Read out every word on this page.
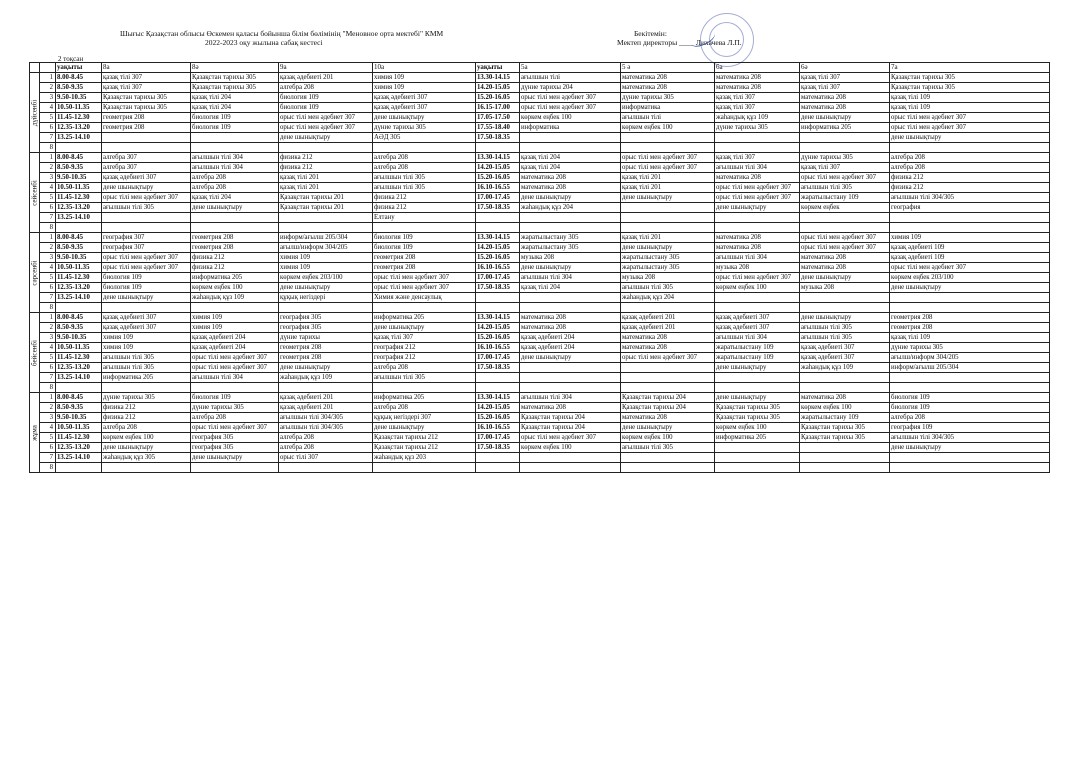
Шығыс Қазақстан облысы Өскемен қаласы бойынша білім бөлімінің "Меновное орта мектебі" КММ
2022-2023 оқу жылына сабақ кестесі
Бекітемін:
Мектеп директоры ____ Лихачева Л.П.
2 тоқсан
		уақыты	8а	8ә	9а	10а	уақыты	5а	5 ә	6а	6ә	7а

дүйсенбі	1	8.00-8.45	қазақ тілі 307	Қазақстан тарихы 305	қазақ әдебиеті 201	химия 109	13.30-14.15	ағылшын тілі	математика 208	математика 208	қазақ тілі 307	Қазақстан тарихы 305
	2	8.50-9.35	қазақ тілі 307	Қазақстан тарихы 305	алгебра 208	химия 109	14.20-15.05	дүние тарихы 204	математика 208	математика 208	қазақ тілі 307	Қазақстан тарихы 305
	3	9.50-10.35	Қазақстан тарихы 305	қазақ тілі 204	биология 109	қазақ әдебиеті 307	15.20-16.05	орыс тілі мен әдебиет 307	дүние тарихы 305	қазақ тілі 307	математика 208	қазақ тілі 109
	4	10.50-11.35	Қазақстан тарихы 305	қазақ тілі 204	биология 109	қазақ әдебиеті 307	16.15-17.00	орыс тілі мен әдебиет 307	информатика	қазақ тілі 307	математика 208	қазақ тілі 109
	5	11.45-12.30	геометрия 208	биология 109	орыс тілі мен әдебиет 307	дене шынықтыру	17.05-17.50	көркем еңбек 100	ағылшын тілі	жаһандық құз 109	дене шынықтыру	орыс тілі мен әдебиет 307
	6	12.35-13.20	геометрия 208	биология 109	орыс тілі мен әдебиет 307	дүние тарихы 305	17.55-18.40	информатика	көркем еңбек 100	дүние тарихы 305	информатика 205	орыс тілі мен әдебиет 307
	7	13.25-14.10			дене шынықтыру	АӘД 305	17.50-18.35					дене шынықтыру
	8											

сейсенбі	1	8.00-8.45	алгебра 307	ағылшын тілі 304	физика 212	алгебра 208	13.30-14.15	қазақ тілі 204	орыс тілі мен әдебиет 307	қазақ тілі 307	дүние тарихы 305	алгебра 208
	2	8.50-9.35	алгебра 307	ағылшын тілі 304	физика 212	алгебра 208	14.20-15.05	қазақ тілі 204	орыс тілі мен әдебиет 307	ағылшын тілі 304	қазақ тілі 307	алгебра 208
	3	9.50-10.35	қазақ әдебиеті 307	алгебра 208	қазақ тілі 201	ағылшын тілі 305	15.20-16.05	математика 208	қазақ тілі 201	математика 208	орыс тілі мен әдебиет 307	физика 212
	4	10.50-11.35	дене шынықтыру	алгебра 208	қазақ тілі 201	ағылшын тілі 305	16.10-16.55	математика 208	қазақ тілі 201	орыс тілі мен әдебиет 307	ағылшын тілі 305	физика 212
	5	11.45-12.30	орыс тілі мен әдебиет 307	қазақ тілі 204	Қазақстан тарихы 201	физика 212	17.00-17.45	дене шынықтыру	дене шынықтыру	орыс тілі мен әдебиет 307	жаратылыстану 109	ағылшын тілі 304/305
	6	12.35-13.20	ағылшын тілі 305	дене шынықтыру	Қазақстан тарихы 201	физика 212	17.50-18.35	жаһандық құз 204		дене шынықтыру	көркем еңбек	география
	7	13.25-14.10				Елтану						
	8											

сәрсенбі	1	8.00-8.45	география 307	геометрия 208	информ/ағылш 205/304	биология 109	13.30-14.15	жаратылыстану 305	қазақ тілі 201	математика 208	орыс тілі мен әдебиет 307	химия 109
	2	8.50-9.35	география 307	геометрия 208	ағылш/информ 304/205	биология 109	14.20-15.05	жаратылыстану 305	дене шынықтыру	математика 208	орыс тілі мен әдебиет 307	қазақ әдебиеті 109
	3	9.50-10.35	орыс тілі мен әдебиет 307	физика 212	химия 109	геометрия 208	15.20-16.05	музыка 208	жаратылыстану 305	ағылшын тілі 304	математика 208	қазақ әдебиеті 109
	4	10.50-11.35	орыс тілі мен әдебиет 307	физика 212	химия 109	геометрия 208	16.10-16.55	дене шынықтыру	жаратылыстану 305	музыка 208	математика 208	орыс тілі мен әдебиет 307
	5	11.45-12.30	биология 109	информатика 205	көркем еңбек 203/100	орыс тілі мен әдебиет 307	17.00-17.45	ағылшын тілі 304	музыка 208	орыс тілі мен әдебиет 307	дене шынықтыру	көркем еңбек 203/100
	6	12.35-13.20	биология 109	көркем еңбек 100	дене шынықтыру	орыс тілі мен әдебиет 307	17.50-18.35	қазақ тілі 204	ағылшын тілі 305	көркем еңбек 100	музыка 208	дене шынықтыру
	7	13.25-14.10	дене шынықтыру	жаһандық құз 109	құқық негіздері	Химия және денсаулық			жаһандық құз 204			
	8											

бейсенбі	1	8.00-8.45	қазақ әдебиеті 307	химия 109	география 305	информатика 205	13.30-14.15	математика 208	қазақ әдебиеті 201	қазақ әдебиеті 307	дене шынықтыру	геометрия 208
	2	8.50-9.35	қазақ әдебиеті 307	химия 109	география 305	дене шынықтыру	14.20-15.05	математика 208	қазақ әдебиеті 201	қазақ әдебиеті 307	ағылшын тілі 305	геометрия 208
	3	9.50-10.35	химия 109	қазақ әдебиеті 204	дүние тарихы	қазақ тілі 307	15.20-16.05	қазақ әдебиеті 204	математика 208	ағылшын тілі 304	ағылшын тілі 305	қазақ тілі 109
	4	10.50-11.35	химия 109	қазақ әдебиеті 204	геометрия 208	география 212	16.10-16.55	қазақ әдебиеті 204	математика 208	жаратылыстану 109	қазақ әдебиеті 307	дүние тарихы 305
	5	11.45-12.30	ағылшын тілі 305	орыс тілі мен әдебиет 307	геометрия 208	география 212	17.00-17.45	дене шынықтыру	орыс тілі мен әдебиет 307	жаратылыстану 109	қазақ әдебиеті 307	ағылш/информ 304/205
	6	12.35-13.20	ағылшын тілі 305	орыс тілі мен әдебиет 307	дене шынықтыру	алгебра 208	17.50-18.35			дене шынықтыру	жаһандық құз 109	информ/ағылш 205/304
	7	13.25-14.10	информатика 205	ағылшын тілі 304	жаһандық құз 109	ағылшын тілі 305						
	8											

жұма	1	8.00-8.45	дүние тарихы 305	биология 109	қазақ әдебиеті 201	информатика 205	13.30-14.15	ағылшын тілі 304	Қазақстан тарихы 204	дене шынықтыру	математика 208	биология 109
	2	8.50-9.35	физика 212	дүние тарихы 305	қазақ әдебиеті 201	алгебра 208	14.20-15.05	математика 208	Қазақстан тарихы 204	Қазақстан тарихы 305	көркем еңбек 100	биология 109
	3	9.50-10.35	физика 212	алгебра 208	ағылшын тілі 304/305	құқық негіздері 307	15.20-16.05	Қазақстан тарихы 204	математика 208	Қазақстан тарихы 305	жаратылыстану 109	алгебра 208
	4	10.50-11.35	алгебра 208	орыс тілі мен әдебиет 307	ағылшын тілі 304/305	дене шынықтыру	16.10-16.55	Қазақстан тарихы 204	дене шынықтыру	көркем еңбек 100	Қазақстан тарихы 305	география 109
	5	11.45-12.30	көркем еңбек 100	география 305	алгебра 208	Қазақстан тарихы 212	17.00-17.45	орыс тілі мен әдебиет 307	көркем еңбек 100	информатика 205	Қазақстан тарихы 305	ағылшын тілі 304/305
	6	12.35-13.20	дене шынықтыру	география 305	алгебра 208	Қазақстан тарихы 212	17.50-18.35	көркем еңбек 100	ағылшын тілі 305			дене шынықтыру
	7	13.25-14.10	жаһандық құз 305	дене шынықтыру	орыс тілі 307	жаһандық құз 203						
	8											
